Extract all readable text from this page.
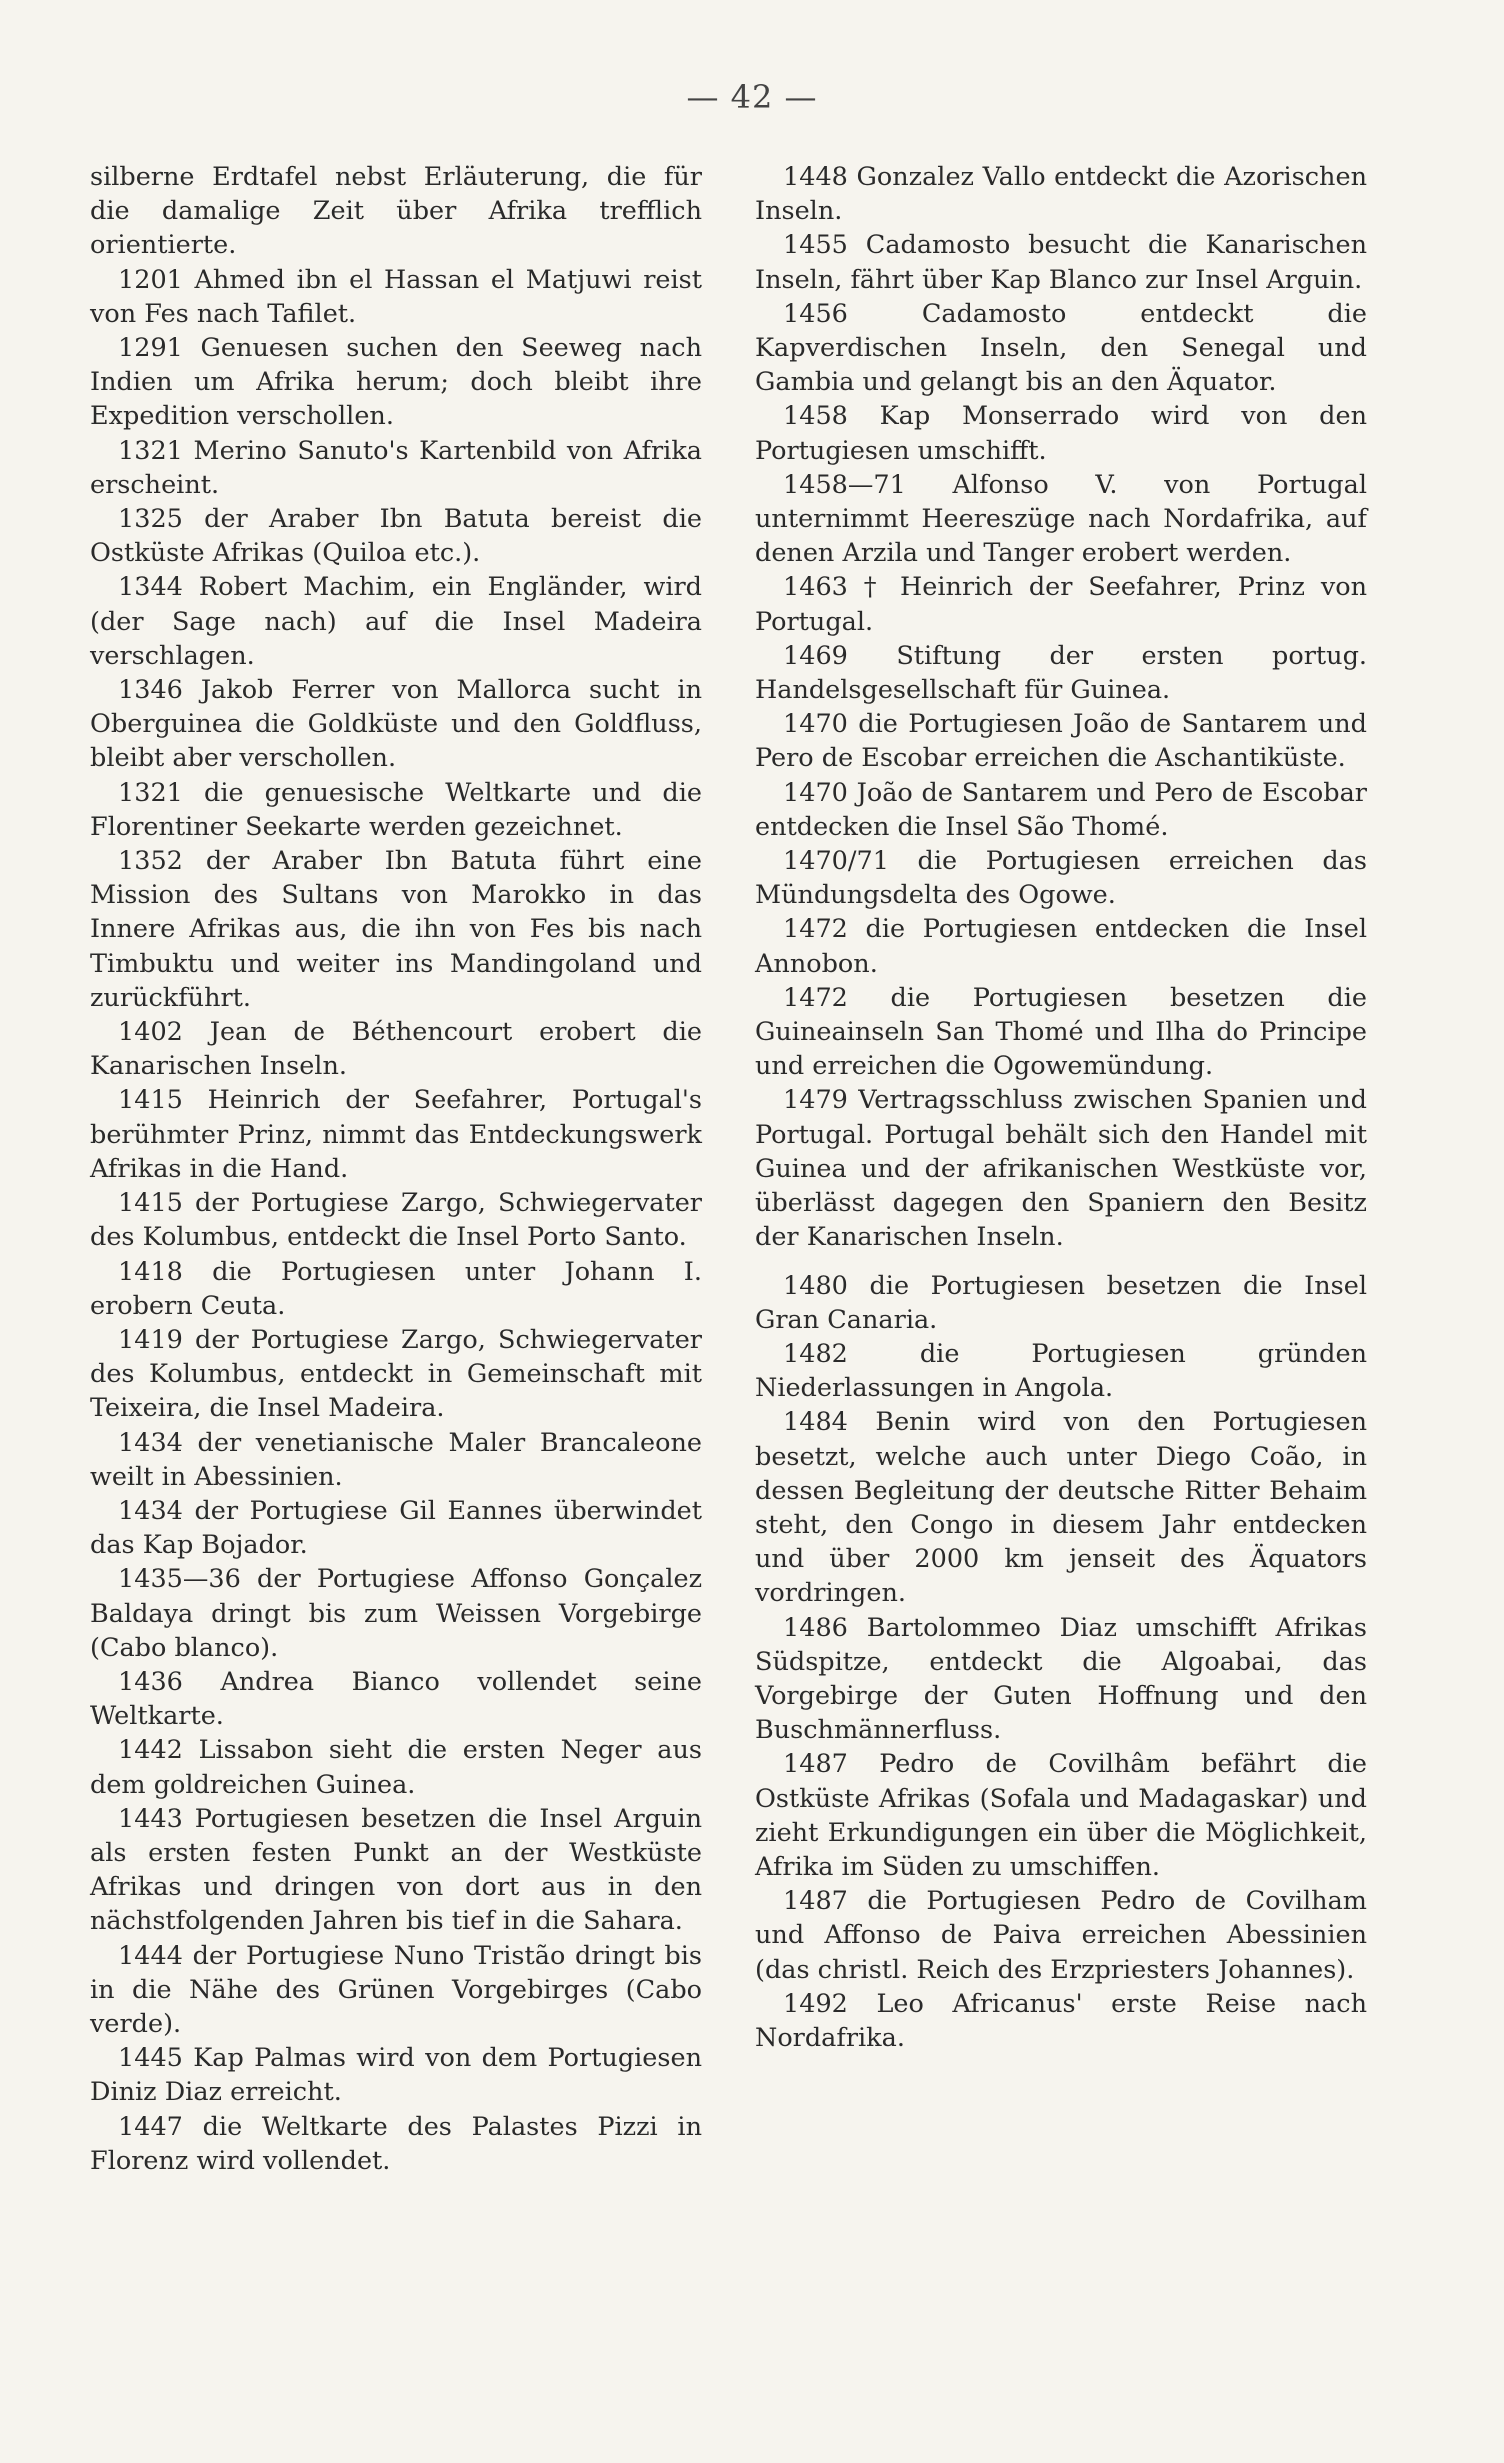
— 42 —

silberne Erdtafel nebst Erläuterung, die für die damalige Zeit über Afrika trefflich orientierte.

1201 Ahmed ibn el Hassan el Matjuwi reist von Fes nach Tafilet.

1291 Genuesen suchen den Seeweg nach Indien um Afrika herum; doch bleibt ihre Expedition verschollen.

1321 Merino Sanuto's Kartenbild von Afrika erscheint.

1325 der Araber Ibn Batuta bereist die Ostküste Afrikas (Quiloa etc.).

1344 Robert Machim, ein Engländer, wird (der Sage nach) auf die Insel Madeira verschlagen.

1346 Jakob Ferrer von Mallorca sucht in Oberguinea die Goldküste und den Goldfluss, bleibt aber verschollen.

1321 die genuesische Weltkarte und die Florentiner Seekarte werden gezeichnet.

1352 der Araber Ibn Batuta führt eine Mission des Sultans von Marokko in das Innere Afrikas aus, die ihn von Fes bis nach Timbuktu und weiter ins Mandingoland und zurückführt.

1402 Jean de Béthencourt erobert die Kanarischen Inseln.

1415 Heinrich der Seefahrer, Portugal's berühmter Prinz, nimmt das Entdeckungswerk Afrikas in die Hand.

1415 der Portugiese Zargo, Schwiegervater des Kolumbus, entdeckt die Insel Porto Santo.

1418 die Portugiesen unter Johann I. erobern Ceuta.

1419 der Portugiese Zargo, Schwiegervater des Kolumbus, entdeckt in Gemeinschaft mit Teixeira, die Insel Madeira.

1434 der venetianische Maler Brancaleone weilt in Abessinien.

1434 der Portugiese Gil Eannes überwindet das Kap Bojador.

1435—36 der Portugiese Affonso Gonçalez Baldaya dringt bis zum Weissen Vorgebirge (Cabo blanco).

1436 Andrea Bianco vollendet seine Weltkarte.

1442 Lissabon sieht die ersten Neger aus dem goldreichen Guinea.

1443 Portugiesen besetzen die Insel Arguin als ersten festen Punkt an der Westküste Afrikas und dringen von dort aus in den nächstfolgenden Jahren bis tief in die Sahara.

1444 der Portugiese Nuno Tristão dringt bis in die Nähe des Grünen Vorgebirges (Cabo verde).

1445 Kap Palmas wird von dem Portugiesen Diniz Diaz erreicht.

1447 die Weltkarte des Palastes Pizzi in Florenz wird vollendet.

1448 Gonzalez Vallo entdeckt die Azorischen Inseln.

1455 Cadamosto besucht die Kanarischen Inseln, fährt über Kap Blanco zur Insel Arguin.

1456 Cadamosto entdeckt die Kapverdischen Inseln, den Senegal und Gambia und gelangt bis an den Äquator.

1458 Kap Monserrado wird von den Portugiesen umschifft.

1458—71 Alfonso V. von Portugal unternimmt Heereszüge nach Nordafrika, auf denen Arzila und Tanger erobert werden.

1463 † Heinrich der Seefahrer, Prinz von Portugal.

1469 Stiftung der ersten portug. Handelsgesellschaft für Guinea.

1470 die Portugiesen João de Santarem und Pero de Escobar erreichen die Aschantiküste.

1470 João de Santarem und Pero de Escobar entdecken die Insel São Thomé.

1470/71 die Portugiesen erreichen das Mündungsdelta des Ogowe.

1472 die Portugiesen entdecken die Insel Annobon.

1472 die Portugiesen besetzen die Guineainseln San Thomé und Ilha do Principe und erreichen die Ogowemündung.

1479 Vertragsschluss zwischen Spanien und Portugal. Portugal behält sich den Handel mit Guinea und der afrikanischen Westküste vor, überlässt dagegen den Spaniern den Besitz der Kanarischen Inseln.

1480 die Portugiesen besetzen die Insel Gran Canaria.

1482 die Portugiesen gründen Niederlassungen in Angola.

1484 Benin wird von den Portugiesen besetzt, welche auch unter Diego Coão, in dessen Begleitung der deutsche Ritter Behaim steht, den Congo in diesem Jahr entdecken und über 2000 km jenseit des Äquators vordringen.

1486 Bartolommeo Diaz umschifft Afrikas Südspitze, entdeckt die Algoabai, das Vorgebirge der Guten Hoffnung und den Buschmännerfluss.

1487 Pedro de Covilhâm befährt die Ostküste Afrikas (Sofala und Madagaskar) und zieht Erkundigungen ein über die Möglichkeit, Afrika im Süden zu umschiffen.

1487 die Portugiesen Pedro de Covilham und Affonso de Paiva erreichen Abessinien (das christl. Reich des Erzpriesters Johannes).

1492 Leo Africanus' erste Reise nach Nordafrika.
